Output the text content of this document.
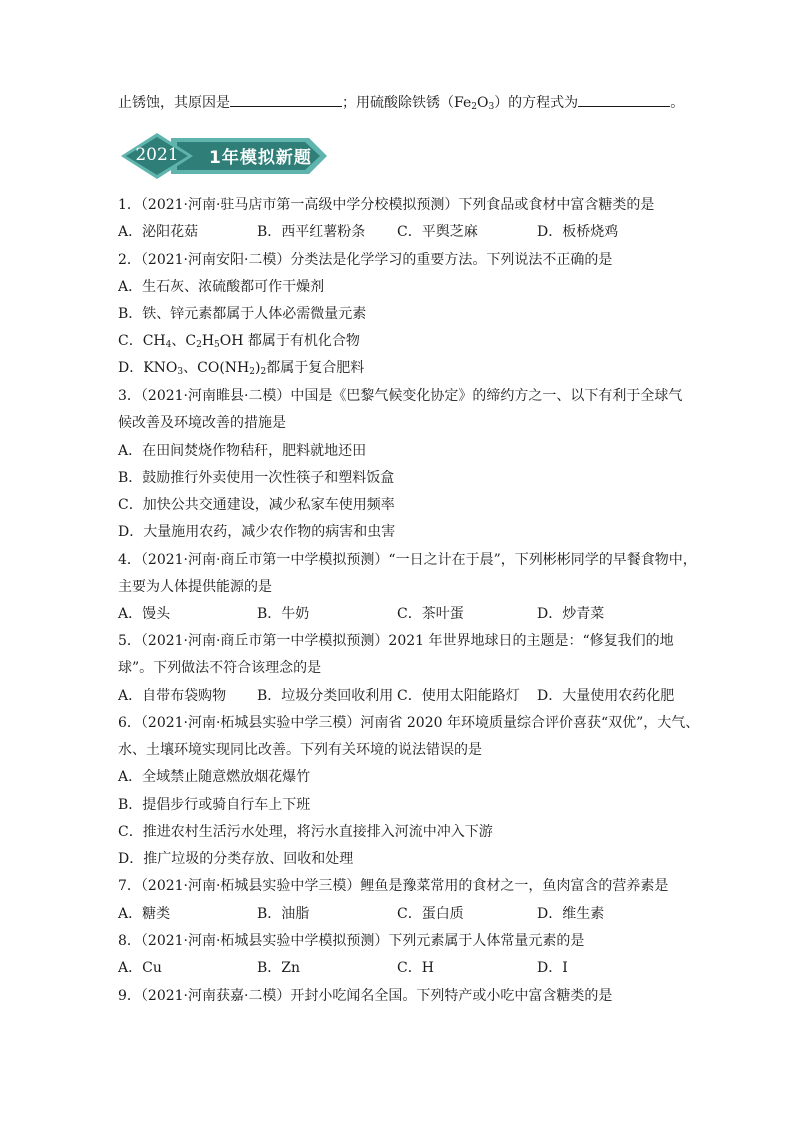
止锈蚀，其原因是	；用硫酸除铁锈$(Fe_2O_3)$的方程式为	。
2021	1年模拟新题
1．（2021·河南·驻马店市第一高级中学分校模拟预测）下列食品或食材中富含糖类的是
A．泌阳花菇	B．西平红薯粉条 C．平舆芝麻	D．板桥烧鸡
2．（2021·河南安阳·二模）分类法是化学学习的重要方法。下列说法不正确的是
A．生石灰、浓硫酸都可作干燥剂
B．铁、锌元素都属于人体必需微量元素
C．$CH_4$、$C_2H_5OH$ 都属于有机化合物
D．$KNO_3$、$CO(NH_2)_2$都属于复合肥料
3．（2021·河南睢县·二模）中国是《巴黎气候变化协定》的缔约方之一、以下有利于全球气
候改善及环境改善的措施是
A．在田间焚烧作物秸秆，肥料就地还田
B．鼓励推行外卖使用一次性筷子和塑料饭盒
C．加快公共交通建设，减少私家车使用频率
D．大量施用农药，减少农作物的病害和虫害
4．（2021·河南·商丘市第一中学模拟预测）“一日之计在于晨”，下列彬彬同学的早餐食物中，
主要为人体提供能源的是
A．馒头	B．牛奶	C．茶叶蛋	D．炒青菜
5．（2021·河南·商丘市第一中学模拟预测）2021 年世界地球日的主题是：“修复我们的地
球”。下列做法不符合该理念的是
A．自带布袋购物 B．垃圾分类回收利用 C．使用太阳能路灯 D．大量使用农药化肥
6．（2021·河南·柘城县实验中学三模）河南省 2020 年环境质量综合评价喜获“双优”，大气、
水、土壤环境实现同比改善。下列有关环境的说法错误的是
A．全域禁止随意燃放烟花爆竹
B．提倡步行或骑自行车上下班
C．推进农村生活污水处理，将污水直接排入河流中冲入下游
D．推广垃圾的分类存放、回收和处理
7．（2021·河南·柘城县实验中学三模）鲤鱼是豫菜常用的食材之一，鱼肉富含的营养素是
A．糖类	B．油脂	C．蛋白质	D．维生素
8．（2021·河南·柘城县实验中学模拟预测）下列元素属于人体常量元素的是
A．Cu	B．Zn	C．H	D．I
9．（2021·河南获嘉·二模）开封小吃闻名全国。下列特产或小吃中富含糖类的是
